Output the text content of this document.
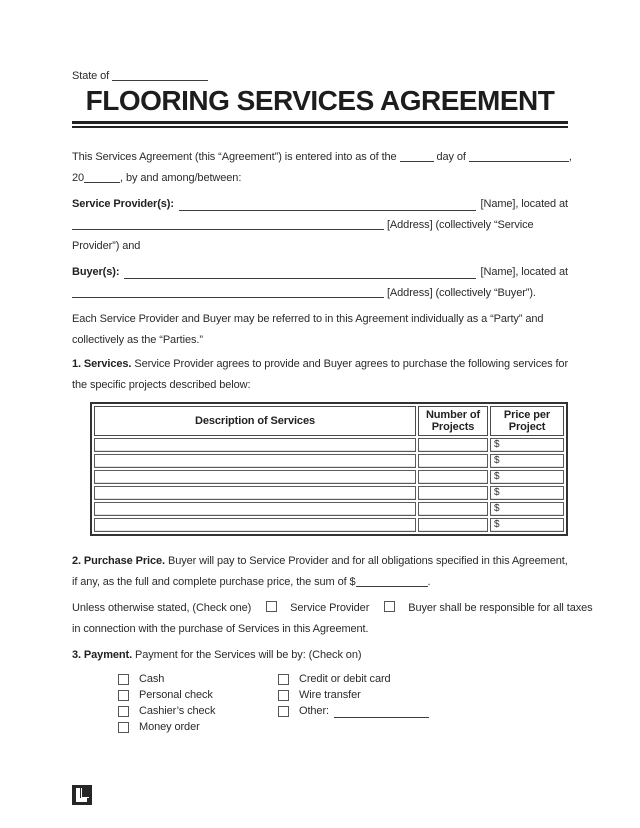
State of
FLOORING SERVICES AGREEMENT
This Services Agreement (this “Agreement”) is entered into as of the	day of	,
20	, by and among/between:
Service Provider(s):	[Name], located at
[Address] (collectively “Service
Provider”) and
Buyer(s):	[Name], located at
[Address] (collectively “Buyer”).
Each Service Provider and Buyer may be referred to in this Agreement individually as a “Party” and
collectively as the “Parties.”
1. Services. Service Provider agrees to provide and Buyer agrees to purchase the following services for
the specific projects described below:
Description of Services	Number of Projects	Price per Project
		$
		$
		$
		$
		$
		$
2. Purchase Price. Buyer will pay to Service Provider and for all obligations specified in this Agreement,
if any, as the full and complete purchase price, the sum of $	.
Unless otherwise stated, (Check one)	Service Provider	Buyer shall be responsible for all taxes
in connection with the purchase of Services in this Agreement.
3. Payment. Payment for the Services will be by: (Check on)
Cash	Credit or debit card
Personal check	Wire transfer
Cashier’s check	Other:
Money order
